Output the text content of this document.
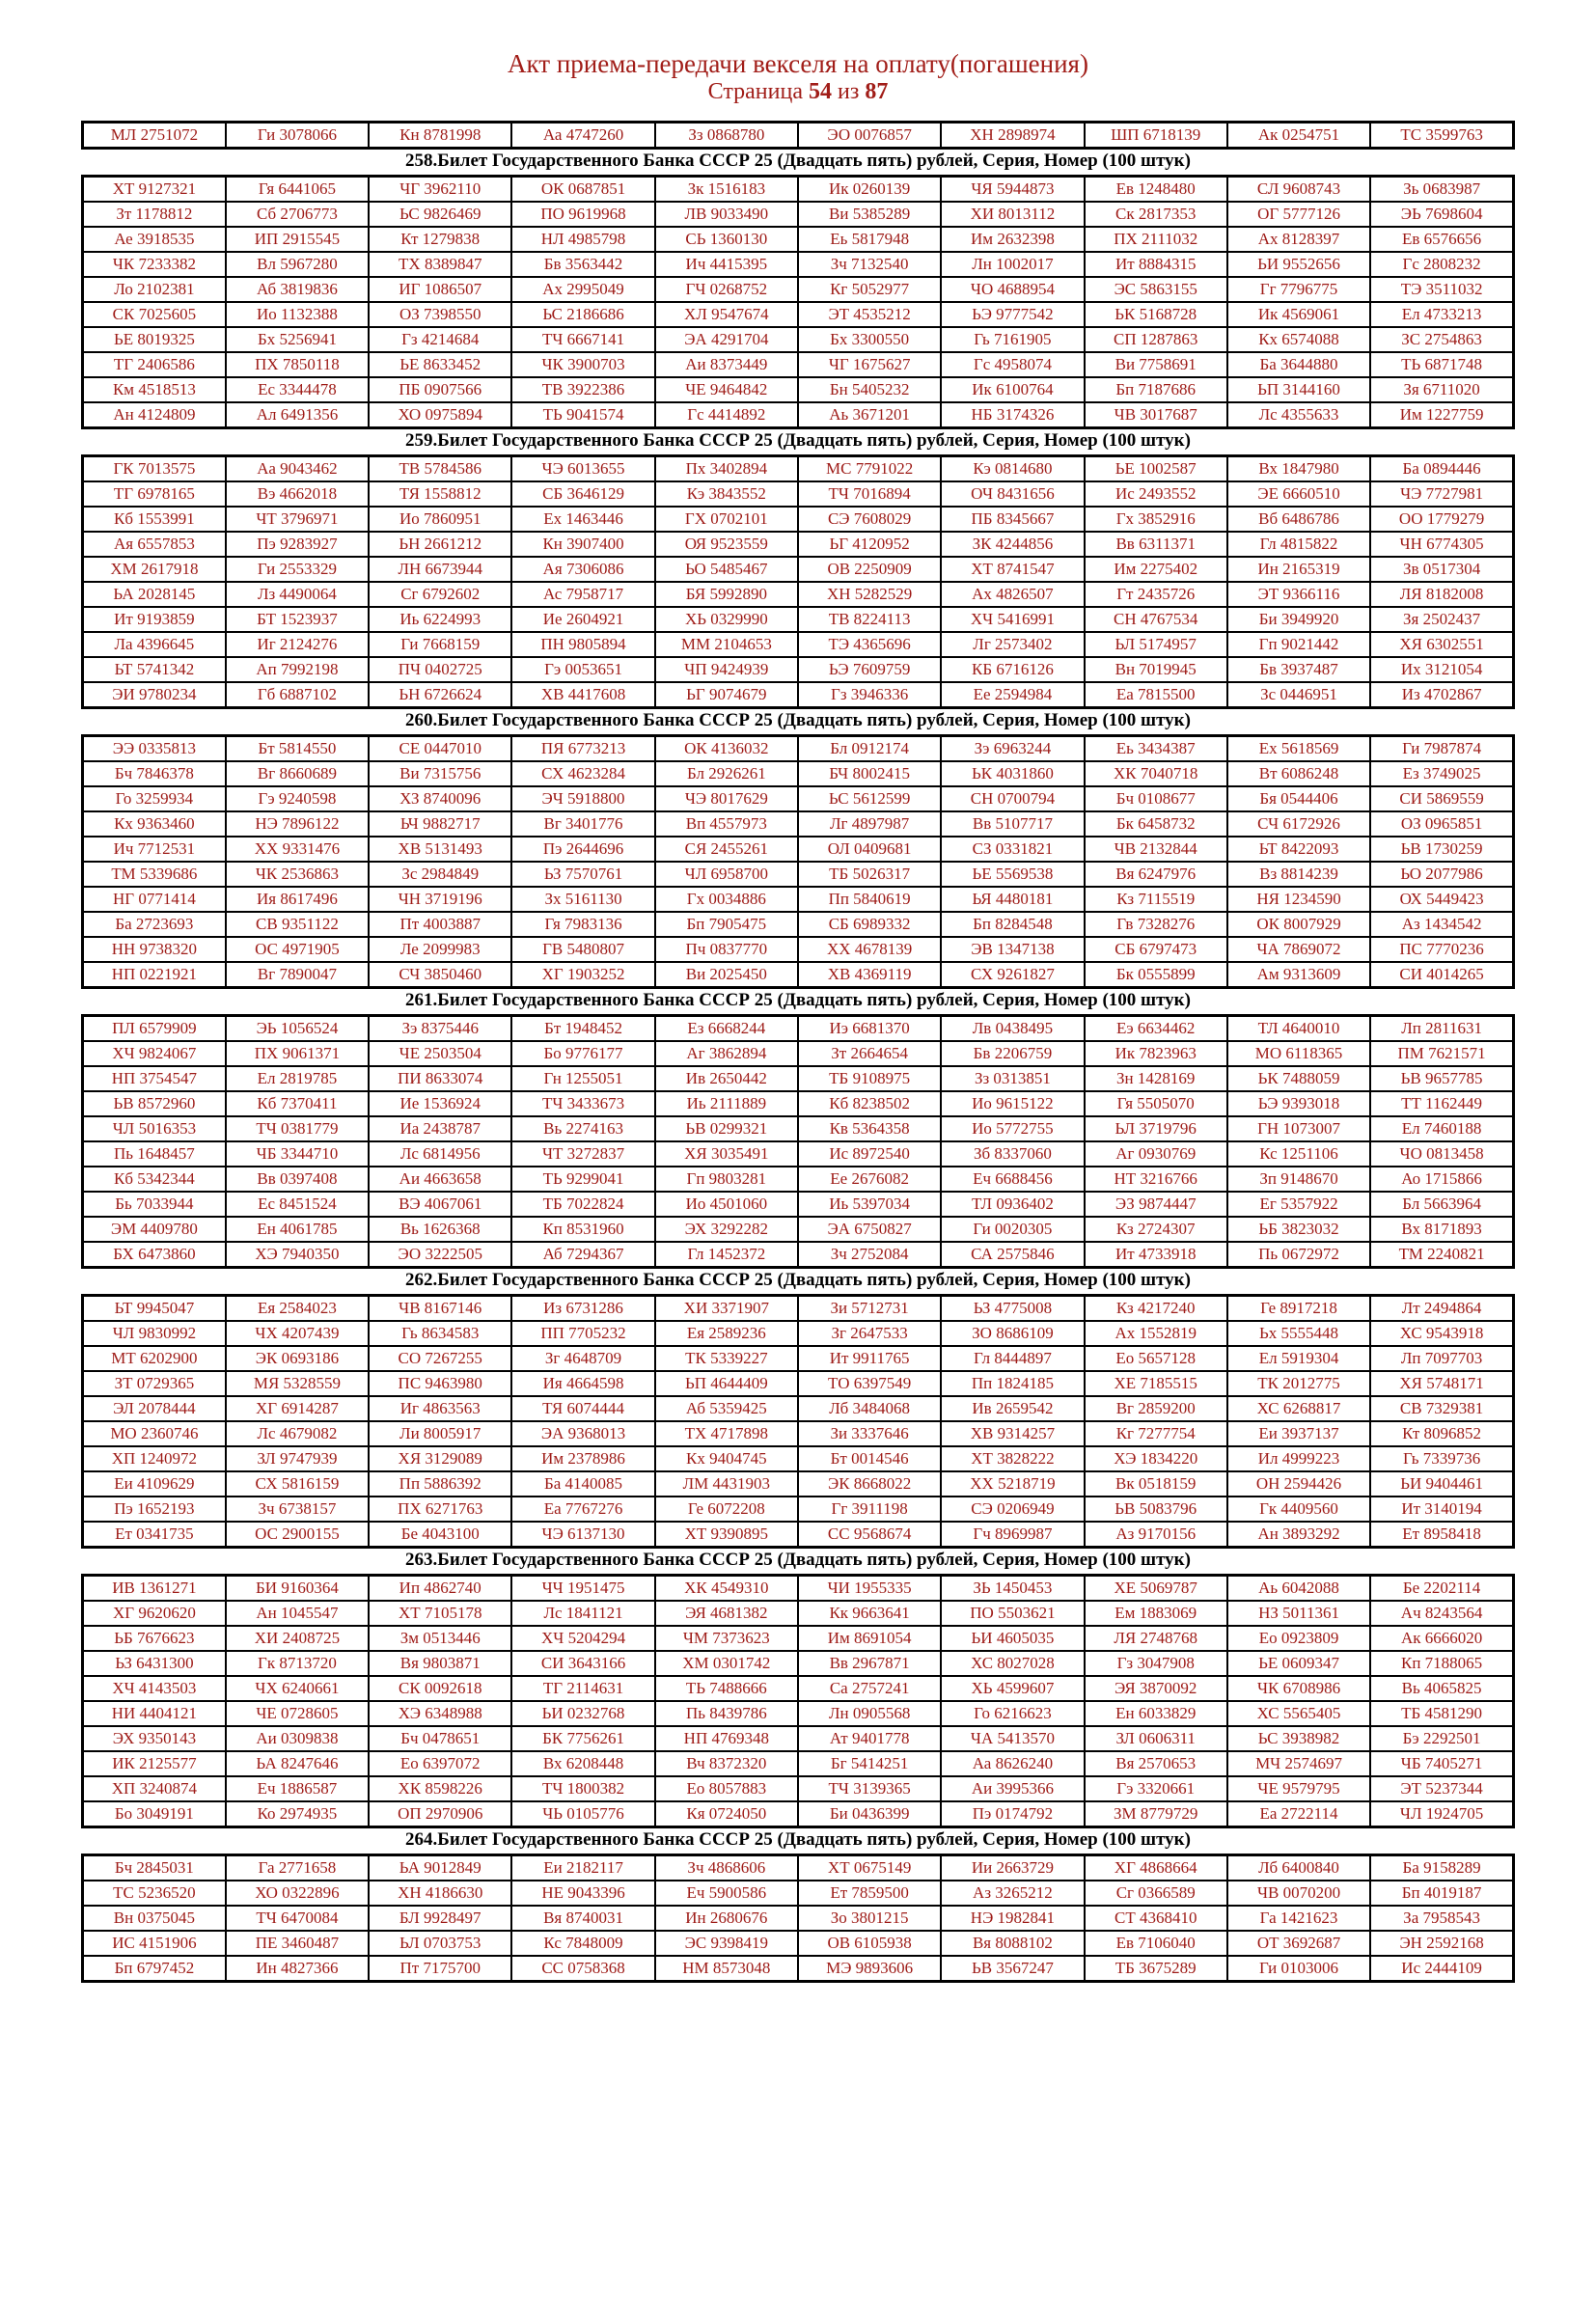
Акт приема-передачи векселя на оплату(погашения)
Страница 54 из 87
МЛ 2751072	Ги 3078066	Кн 8781998	Аа 4747260	Зз 0868780	ЭО 0076857	ХН 2898974	ШП 6718139	Ак 0254751	ТС 3599763
258.Билет Государственного Банка СССР 25 (Двадцать пять) рублей, Серия, Номер (100 штук)
ХТ 9127321	Гя 6441065	ЧГ 3962110	ОК 0687851	Зк 1516183	Ик 0260139	ЧЯ 5944873	Ев 1248480	СЛ 9608743	Зь 0683987
Зт 1178812	Сб 2706773	ЬС 9826469	ПО 9619968	ЛВ 9033490	Ви 5385289	ХИ 8013112	Ск 2817353	ОГ 5777126	ЭЬ 7698604
Ае 3918535	ИП 2915545	Кт 1279838	НЛ 4985798	СЬ 1360130	Еь 5817948	Им 2632398	ПХ 2111032	Ах 8128397	Ев 6576656
ЧК 7233382	Вл 5967280	ТХ 8389847	Бв 3563442	Ич 4415395	Зч 7132540	Лн 1002017	Ит 8884315	ЬИ 9552656	Гс 2808232
Ло 2102381	Аб 3819836	ИГ 1086507	Ах 2995049	ГЧ 0268752	Кг 5052977	ЧО 4688954	ЭС 5863155	Гг 7796775	ТЭ 3511032
СК 7025605	Ио 1132388	ОЗ 7398550	ЬС 2186686	ХЛ 9547674	ЭТ 4535212	ЬЭ 9777542	ЬК 5168728	Ик 4569061	Ел 4733213
ЬЕ 8019325	Бх 5256941	Гз 4214684	ТЧ 6667141	ЭА 4291704	Бх 3300550	Гь 7161905	СП 1287863	Кх 6574088	ЗС 2754863
ТГ 2406586	ПХ 7850118	ЬЕ 8633452	ЧК 3900703	Аи 8373449	ЧГ 1675627	Гс 4958074	Ви 7758691	Ба 3644880	ТЬ 6871748
Км 4518513	Ес 3344478	ПБ 0907566	ТВ 3922386	ЧЕ 9464842	Бн 5405232	Ик 6100764	Бп 7187686	ЬП 3144160	Зя 6711020
Ан 4124809	Ал 6491356	ХО 0975894	ТЬ 9041574	Гс 4414892	Аь 3671201	НБ 3174326	ЧВ 3017687	Лс 4355633	Им 1227759
259.Билет Государственного Банка СССР 25 (Двадцать пять) рублей, Серия, Номер (100 штук)
ГК 7013575	Аа 9043462	ТВ 5784586	ЧЭ 6013655	Пх 3402894	МС 7791022	Кэ 0814680	ЬЕ 1002587	Вх 1847980	Ба 0894446
ТГ 6978165	Вэ 4662018	ТЯ 1558812	СБ 3646129	Кэ 3843552	ТЧ 7016894	ОЧ 8431656	Ис 2493552	ЭЕ 6660510	ЧЭ 7727981
Кб 1553991	ЧТ 3796971	Ио 7860951	Ех 1463446	ГХ 0702101	СЭ 7608029	ПБ 8345667	Гх 3852916	Вб 6486786	ОО 1779279
Ая 6557853	Пэ 9283927	ЬН 2661212	Кн 3907400	ОЯ 9523559	ЬГ 4120952	ЗК 4244856	Вв 6311371	Гл 4815822	ЧН 6774305
ХМ 2617918	Ги 2553329	ЛН 6673944	Ая 7306086	ЬО 5485467	ОВ 2250909	ХТ 8741547	Им 2275402	Ин 2165319	Зв 0517304
ЬА 2028145	Лз 4490064	Сг 6792602	Ас 7958717	БЯ 5992890	ХН 5282529	Ах 4826507	Гт 2435726	ЭТ 9366116	ЛЯ 8182008
Ит 9193859	БТ 1523937	Иь 6224993	Ие 2604921	ХЬ 0329990	ТВ 8224113	ХЧ 5416991	СН 4767534	Би 3949920	Зя 2502437
Ла 4396645	Иг 2124276	Ги 7668159	ПН 9805894	ММ 2104653	ТЭ 4365696	Лг 2573402	ЬЛ 5174957	Гп 9021442	ХЯ 6302551
ЬТ 5741342	Ап 7992198	ПЧ 0402725	Гэ 0053651	ЧП 9424939	ЬЭ 7609759	КБ 6716126	Вн 7019945	Бв 3937487	Их 3121054
ЭИ 9780234	Гб 6887102	ЬН 6726624	ХВ 4417608	ЬГ 9074679	Гз 3946336	Ее 2594984	Еа 7815500	Зс 0446951	Из 4702867
260.Билет Государственного Банка СССР 25 (Двадцать пять) рублей, Серия, Номер (100 штук)
ЭЭ 0335813	Бт 5814550	СЕ 0447010	ПЯ 6773213	ОК 4136032	Бл 0912174	Зэ 6963244	Еь 3434387	Ех 5618569	Ги 7987874
Бч 7846378	Вг 8660689	Ви 7315756	СХ 4623284	Бл 2926261	БЧ 8002415	ЬК 4031860	ХК 7040718	Вт 6086248	Ез 3749025
Го 3259934	Гэ 9240598	ХЗ 8740096	ЭЧ 5918800	ЧЭ 8017629	ЬС 5612599	СН 0700794	Бч 0108677	Бя 0544406	СИ 5869559
Кх 9363460	НЭ 7896122	ЬЧ 9882717	Вг 3401776	Вп 4557973	Лг 4897987	Вв 5107717	Бк 6458732	СЧ 6172926	ОЗ 0965851
Ич 7712531	ХХ 9331476	ХВ 5131493	Пэ 2644696	СЯ 2455261	ОЛ 0409681	СЗ 0331821	ЧВ 2132844	ЬТ 8422093	ЬВ 1730259
ТМ 5339686	ЧК 2536863	Зс 2984849	ЬЗ 7570761	ЧЛ 6958700	ТБ 5026317	ЬЕ 5569538	Вя 6247976	Вз 8814239	ЬО 2077986
НГ 0771414	Ия 8617496	ЧН 3719196	Зх 5161130	Гх 0034886	Пп 5840619	ЬЯ 4480181	Кз 7115519	НЯ 1234590	ОХ 5449423
Ба 2723693	СВ 9351122	Пт 4003887	Гя 7983136	Бп 7905475	СБ 6989332	Бп 8284548	Гв 7328276	ОК 8007929	Аз 1434542
НН 9738320	ОС 4971905	Ле 2099983	ГВ 5480807	Пч 0837770	ХХ 4678139	ЭВ 1347138	СБ 6797473	ЧА 7869072	ПС 7770236
НП 0221921	Вг 7890047	СЧ 3850460	ХГ 1903252	Ви 2025450	ХВ 4369119	СХ 9261827	Бк 0555899	Ам 9313609	СИ 4014265
261.Билет Государственного Банка СССР 25 (Двадцать пять) рублей, Серия, Номер (100 штук)
ПЛ 6579909	ЭЬ 1056524	Зэ 8375446	Бт 1948452	Ез 6668244	Иэ 6681370	Лв 0438495	Еэ 6634462	ТЛ 4640010	Лп 2811631
ХЧ 9824067	ПХ 9061371	ЧЕ 2503504	Бо 9776177	Аг 3862894	Зт 2664654	Бв 2206759	Ик 7823963	МО 6118365	ПМ 7621571
НП 3754547	Ел 2819785	ПИ 8633074	Гн 1255051	Ив 2650442	ТБ 9108975	Зз 0313851	Зн 1428169	ЬК 7488059	ЬВ 9657785
ЬВ 8572960	Кб 7370411	Ие 1536924	ТЧ 3433673	Иь 2111889	Кб 8238502	Ио 9615122	Гя 5505070	ЬЭ 9393018	ТТ 1162449
ЧЛ 5016353	ТЧ 0381779	Иа 2438787	Вь 2274163	ЬВ 0299321	Кв 5364358	Ио 5772755	ЬЛ 3719796	ГН 1073007	Ел 7460188
Пь 1648457	ЧБ 3344710	Лс 6814956	ЧТ 3272837	ХЯ 3035491	Ис 8972540	Зб 8337060	Аг 0930769	Кс 1251106	ЧО 0813458
Кб 5342344	Вв 0397408	Аи 4663658	ТЬ 9299041	Гп 9803281	Ее 2676082	Еч 6688456	НТ 3216766	Зп 9148670	Ао 1715866
Бь 7033944	Ес 8451524	ВЭ 4067061	ТБ 7022824	Ио 4501060	Иь 5397034	ТЛ 0936402	ЭЗ 9874447	Ег 5357922	Бл 5663964
ЭМ 4409780	Ен 4061785	Вь 1626368	Кп 8531960	ЭХ 3292282	ЭА 6750827	Ги 0020305	Кз 2724307	ЬБ 3823032	Вх 8171893
БХ 6473860	ХЭ 7940350	ЭО 3222505	Аб 7294367	Гл 1452372	Зч 2752084	СА 2575846	Ит 4733918	Пь 0672972	ТМ 2240821
262.Билет Государственного Банка СССР 25 (Двадцать пять) рублей, Серия, Номер (100 штук)
ЬТ 9945047	Ея 2584023	ЧВ 8167146	Из 6731286	ХИ 3371907	Зи 5712731	ЬЗ 4775008	Кз 4217240	Ге 8917218	Лт 2494864
ЧЛ 9830992	ЧХ 4207439	Гь 8634583	ПП 7705232	Ея 2589236	Зг 2647533	ЗО 8686109	Ах 1552819	Ьх 5555448	ХС 9543918
МТ 6202900	ЭК 0693186	СО 7267255	Зг 4648709	ТК 5339227	Ит 9911765	Гл 8444897	Ео 5657128	Ел 5919304	Лп 7097703
ЗТ 0729365	МЯ 5328559	ПС 9463980	Ия 4664598	ЬП 4644409	ТО 6397549	Пп 1824185	ХЕ 7185515	ТК 2012775	ХЯ 5748171
ЭЛ 2078444	ХГ 6914287	Иг 4863563	ТЯ 6074444	Аб 5359425	Лб 3484068	Ив 2659542	Вг 2859200	ХС 6268817	СВ 7329381
МО 2360746	Лс 4679082	Ли 8005917	ЭА 9368013	ТХ 4717898	Зи 3337646	ХВ 9314257	Кг 7277754	Еи 3937137	Кт 8096852
ХП 1240972	ЗЛ 9747939	ХЯ 3129089	Им 2378986	Кх 9404745	Бт 0014546	ХТ 3828222	ХЭ 1834220	Ил 4999223	Гь 7339736
Еи 4109629	СХ 5816159	Пп 5886392	Ба 4140085	ЛМ 4431903	ЭК 8668022	ХХ 5218719	Вк 0518159	ОН 2594426	ЬИ 9404461
Пэ 1652193	Зч 6738157	ПХ 6271763	Еа 7767276	Ге 6072208	Гг 3911198	СЭ 0206949	ЬВ 5083796	Гк 4409560	Ит 3140194
Ет 0341735	ОС 2900155	Бе 4043100	ЧЭ 6137130	ХТ 9390895	СС 9568674	Гч 8969987	Аз 9170156	Ан 3893292	Ет 8958418
263.Билет Государственного Банка СССР 25 (Двадцать пять) рублей, Серия, Номер (100 штук)
ИВ 1361271	БИ 9160364	Ип 4862740	ЧЧ 1951475	ХК 4549310	ЧИ 1955335	ЗЬ 1450453	ХЕ 5069787	Аь 6042088	Бе 2202114
ХГ 9620620	Ан 1045547	ХТ 7105178	Лс 1841121	ЭЯ 4681382	Кк 9663641	ПО 5503621	Ем 1883069	НЗ 5011361	Ач 8243564
ЬБ 7676623	ХИ 2408725	Зм 0513446	ХЧ 5204294	ЧМ 7373623	Им 8691054	ЬИ 4605035	ЛЯ 2748768	Ео 0923809	Ак 6666020
ЬЗ 6431300	Гк 8713720	Вя 9803871	СИ 3643166	ХМ 0301742	Вв 2967871	ХС 8027028	Гз 3047908	ЬЕ 0609347	Кп 7188065
ХЧ 4143503	ЧХ 6240661	СК 0092618	ТГ 2114631	ТЬ 7488666	Са 2757241	ХЬ 4599607	ЭЯ 3870092	ЧК 6708986	Вь 4065825
НИ 4404121	ЧЕ 0728605	ХЭ 6348988	ЬИ 0232768	Пь 8439786	Лн 0905568	Го 6216623	Ен 6033829	ХС 5565405	ТБ 4581290
ЭХ 9350143	Аи 0309838	Бч 0478651	БК 7756261	НП 4769348	Ат 9401778	ЧА 5413570	ЗЛ 0606311	ЬС 3938982	Бэ 2292501
ИК 2125577	ЬА 8247646	Ео 6397072	Вх 6208448	Вч 8372320	Бг 5414251	Аа 8626240	Вя 2570653	МЧ 2574697	ЧБ 7405271
ХП 3240874	Еч 1886587	ХК 8598226	ТЧ 1800382	Ео 8057883	ТЧ 3139365	Аи 3995366	Гэ 3320661	ЧЕ 9579795	ЭТ 5237344
Бо 3049191	Ко 2974935	ОП 2970906	ЧЬ 0105776	Кя 0724050	Би 0436399	Пэ 0174792	ЗМ 8779729	Еа 2722114	ЧЛ 1924705
264.Билет Государственного Банка СССР 25 (Двадцать пять) рублей, Серия, Номер (100 штук)
Бч 2845031	Га 2771658	ЬА 9012849	Еи 2182117	Зч 4868606	ХТ 0675149	Ии 2663729	ХГ 4868664	Лб 6400840	Ба 9158289
ТС 5236520	ХО 0322896	ХН 4186630	НЕ 9043396	Еч 5900586	Ет 7859500	Аз 3265212	Сг 0366589	ЧВ 0070200	Бп 4019187
Вн 0375045	ТЧ 6470084	БЛ 9928497	Вя 8740031	Ин 2680676	Зо 3801215	НЭ 1982841	СТ 4368410	Га 1421623	За 7958543
ИС 4151906	ПЕ 3460487	ЬЛ 0703753	Кс 7848009	ЭС 9398419	ОВ 6105938	Вя 8088102	Ев 7106040	ОТ 3692687	ЭН 2592168
Бп 6797452	Ин 4827366	Пт 7175700	СС 0758368	НМ 8573048	МЭ 9893606	ЬВ 3567247	ТБ 3675289	Ги 0103006	Ис 2444109
